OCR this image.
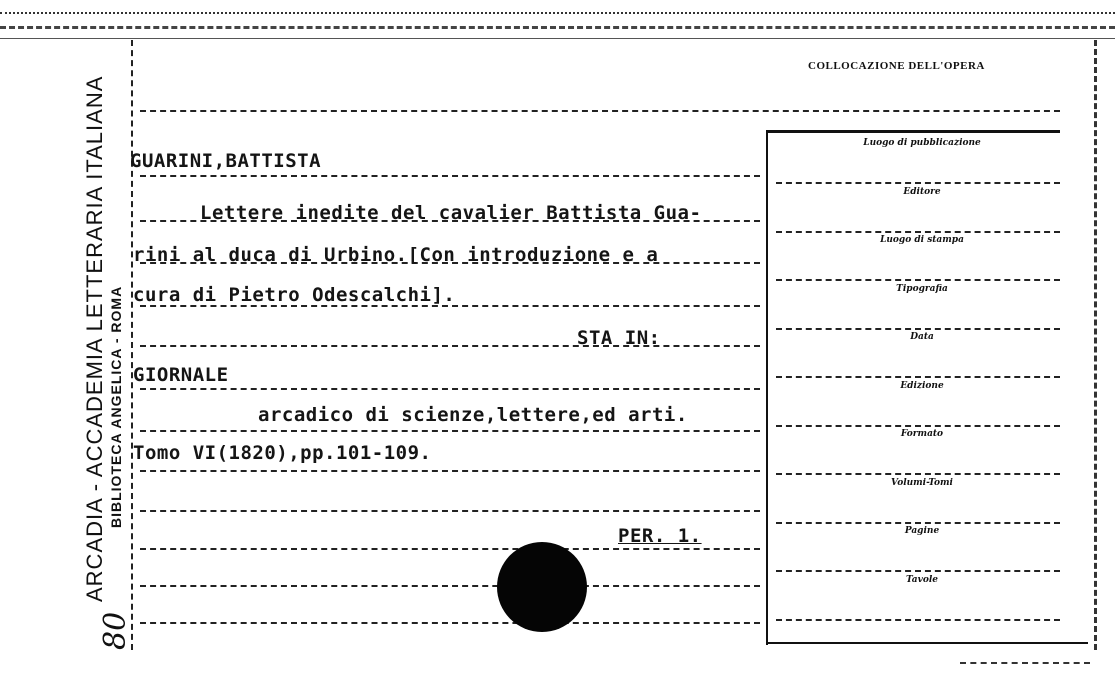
ARCADIA - ACCADEMIA LETTERARIA ITALIANA BIBLIOTECA ANGELICA - ROMA
80
GUARINI,BATTISTA
Lettere inedite del cavalier Battista Gua-
rini al duca di Urbino.[Con introduzione e a
cura di Pietro Odescalchi].
STA IN:
GIORNALE
arcadico di scienze,lettere,ed arti.
Tomo VI(1820),pp.101-109.
PER. 1.
COLLOCAZIONE DELL'OPERA
Luogo di pubblicazione
Editore
Luogo di stampa
Tipografia
Data
Edizione
Formato
Volumi-Tomi
Pagine
Tavole
